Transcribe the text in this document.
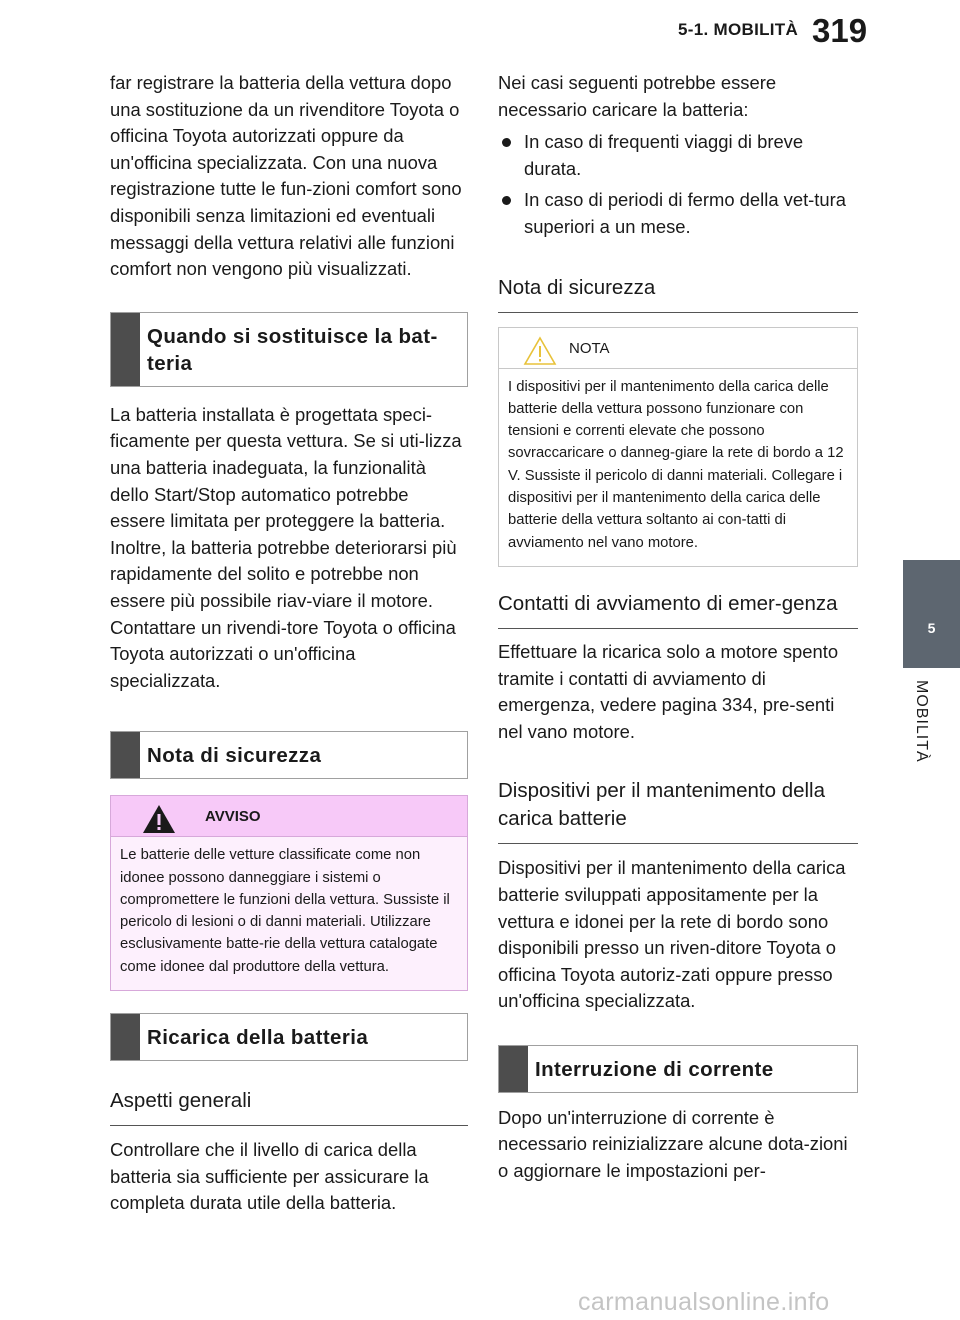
5-1. MOBILITÀ 319
5
MOBILITÀ

far registrare la batteria della vettura dopo una sostituzione da un rivenditore Toyota o officina Toyota autorizzati oppure da un'officina specializzata. Con una nuova registrazione tutte le fun-zioni comfort sono disponibili senza limitazioni ed eventuali messaggi della vettura relativi alle funzioni comfort non vengono più visualizzati.

Quando si sostituisce la bat-teria

La batteria installata è progettata speci-ficamente per questa vettura. Se si uti-lizza una batteria inadeguata, la funzionalità dello Start/Stop automatico potrebbe essere limitata per proteggere la batteria. Inoltre, la batteria potrebbe deteriorarsi più rapidamente del solito e potrebbe non essere più possibile riav-viare il motore. Contattare un rivendi-tore Toyota o officina Toyota autorizzati o un'officina specializzata.

Nota di sicurezza
AVVISO
Le batterie delle vetture classificate come non idonee possono danneggiare i sistemi o compromettere le funzioni della vettura. Sussiste il pericolo di lesioni o di danni materiali. Utilizzare esclusivamente batte-rie della vettura catalogate come idonee dal produttore della vettura.
Ricarica della batteria
Aspetti generali

Controllare che il livello di carica della batteria sia sufficiente per assicurare la completa durata utile della batteria.

Nei casi seguenti potrebbe essere necessario caricare la batteria:

In caso di frequenti viaggi di breve durata.
In caso di periodi di fermo della vet-tura superiori a un mese.
Nota di sicurezza
NOTA
I dispositivi per il mantenimento della carica delle batterie della vettura possono funzionare con tensioni e correnti elevate che possono sovraccaricare o danneg-giare la rete di bordo a 12 V. Sussiste il pericolo di danni materiali. Collegare i dispositivi per il mantenimento della carica delle batterie della vettura soltanto ai con-tatti di avviamento nel vano motore.
Contatti di avviamento di emer-genza

Effettuare la ricarica solo a motore spento tramite i contatti di avviamento di emergenza, vedere pagina 334, pre-senti nel vano motore.

Dispositivi per il mantenimento della carica batterie

Dispositivi per il mantenimento della carica batterie sviluppati appositamente per la vettura e idonei per la rete di bordo sono disponibili presso un riven-ditore Toyota o officina Toyota autoriz-zati oppure presso un'officina specializzata.

Interruzione di corrente

Dopo un'interruzione di corrente è necessario reinizializzare alcune dota-zioni o aggiornare le impostazioni per-

carmanualsonline.info
